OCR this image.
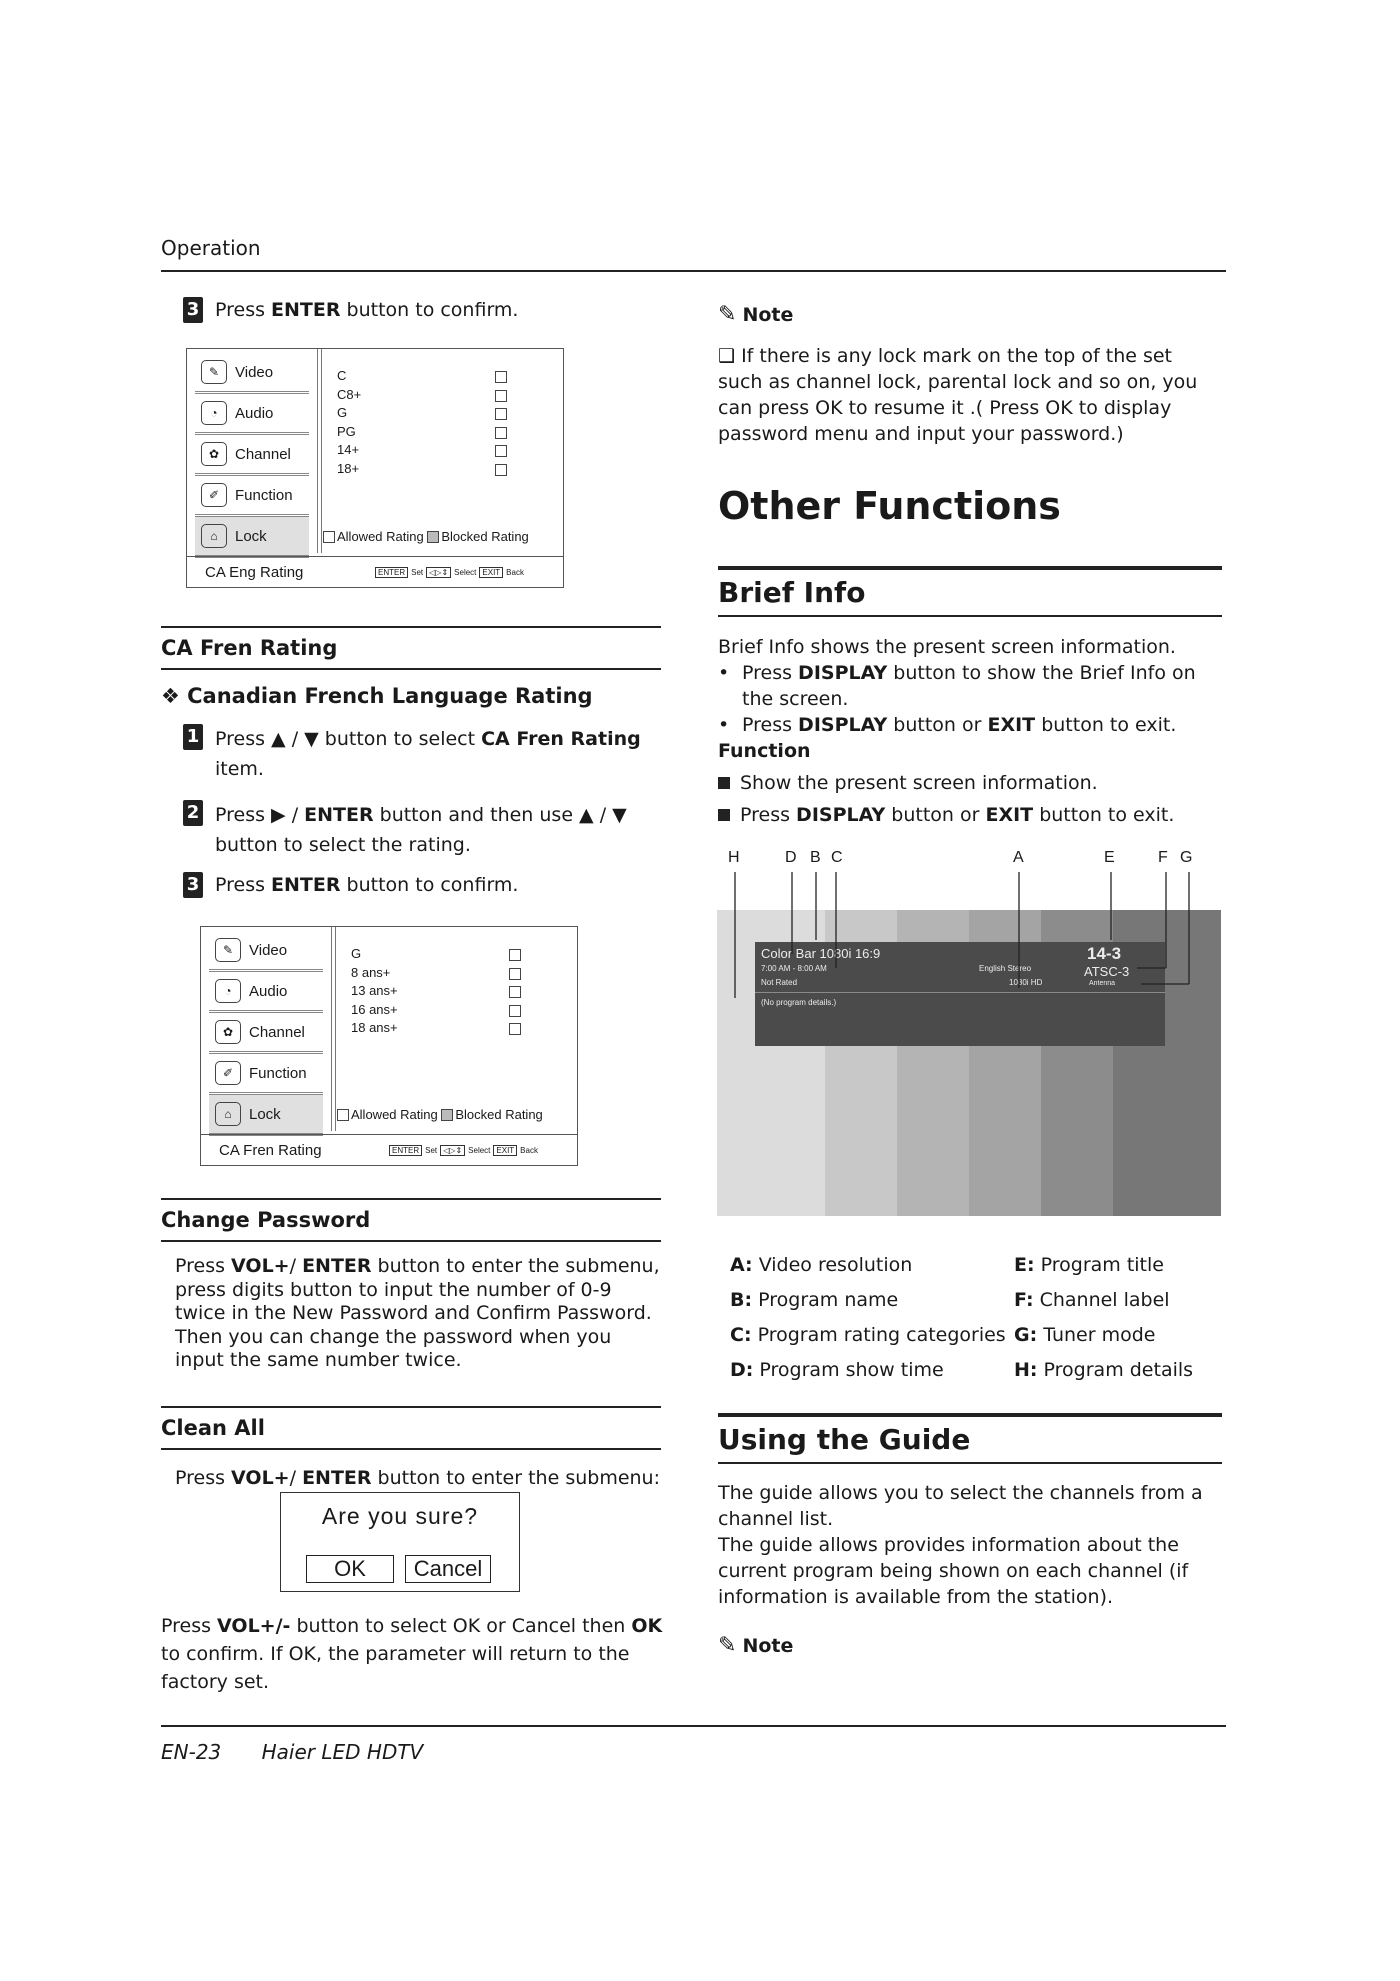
Operation
EN-23 Haier LED HDTV
3 Press ENTER button to confirm.
✎	Video
◔	Audio
✿	Channel
✐	Function
⌂	Lock
C
C8+
G
PG
14+
18+
Allowed Rating Blocked Rating
CA Eng Rating	ENTER Set ◁▷⇕ Select EXIT Back
CA Fren Rating
❖ Canadian French Language Rating
1 Press ▲ / ▼ button to select CA Fren Rating
item.
2 Press ▶ / ENTER button and then use ▲ / ▼
button to select the rating.
3 Press ENTER button to confirm.
✎	Video
◔	Audio
✿	Channel
✐	Function
⌂	Lock
G
8 ans+
13 ans+
16 ans+
18 ans+
Allowed Rating Blocked Rating
CA Fren Rating	ENTER Set ◁▷⇕ Select EXIT Back
Change Password
Press VOL+/ ENTER button to enter the submenu, press digits button to input the number of 0-9 twice in the New Password and Confirm Password. Then you can change the password when you input the same number twice.
Clean All
Press VOL+/ ENTER button to enter the submenu:
Are you sure?
OK	Cancel
Press VOL+/- button to select OK or Cancel then OK to confirm. If OK, the parameter will return to the factory set.
✎ Note
❑ If there is any lock mark on the top of the set such as channel lock, parental lock and so on, you can press OK to resume it .( Press OK to display password menu and input your password.)
Other Functions
Brief Info
Brief Info shows the present screen information.
• Press DISPLAY button to show the Brief Info on the screen.
• Press DISPLAY button or EXIT button to exit.
Function
Show the present screen information.
Press DISPLAY button or EXIT button to exit.
H	D B C	A	E	F G
Color Bar 1080i 16:9
7:00 AM - 8:00 AM
Not Rated
(No program details.)
English Stereo
1080i HD
14-3
ATSC-3
Antenna
A: Video resolution	E: Program title
B: Program name	F: Channel label
C: Program rating categories G: Tuner mode
D: Program show time	H: Program details
Using the Guide
The guide allows you to select the channels from a channel list.
The guide allows provides information about the current program being shown on each channel (if information is available from the station).
✎ Note
